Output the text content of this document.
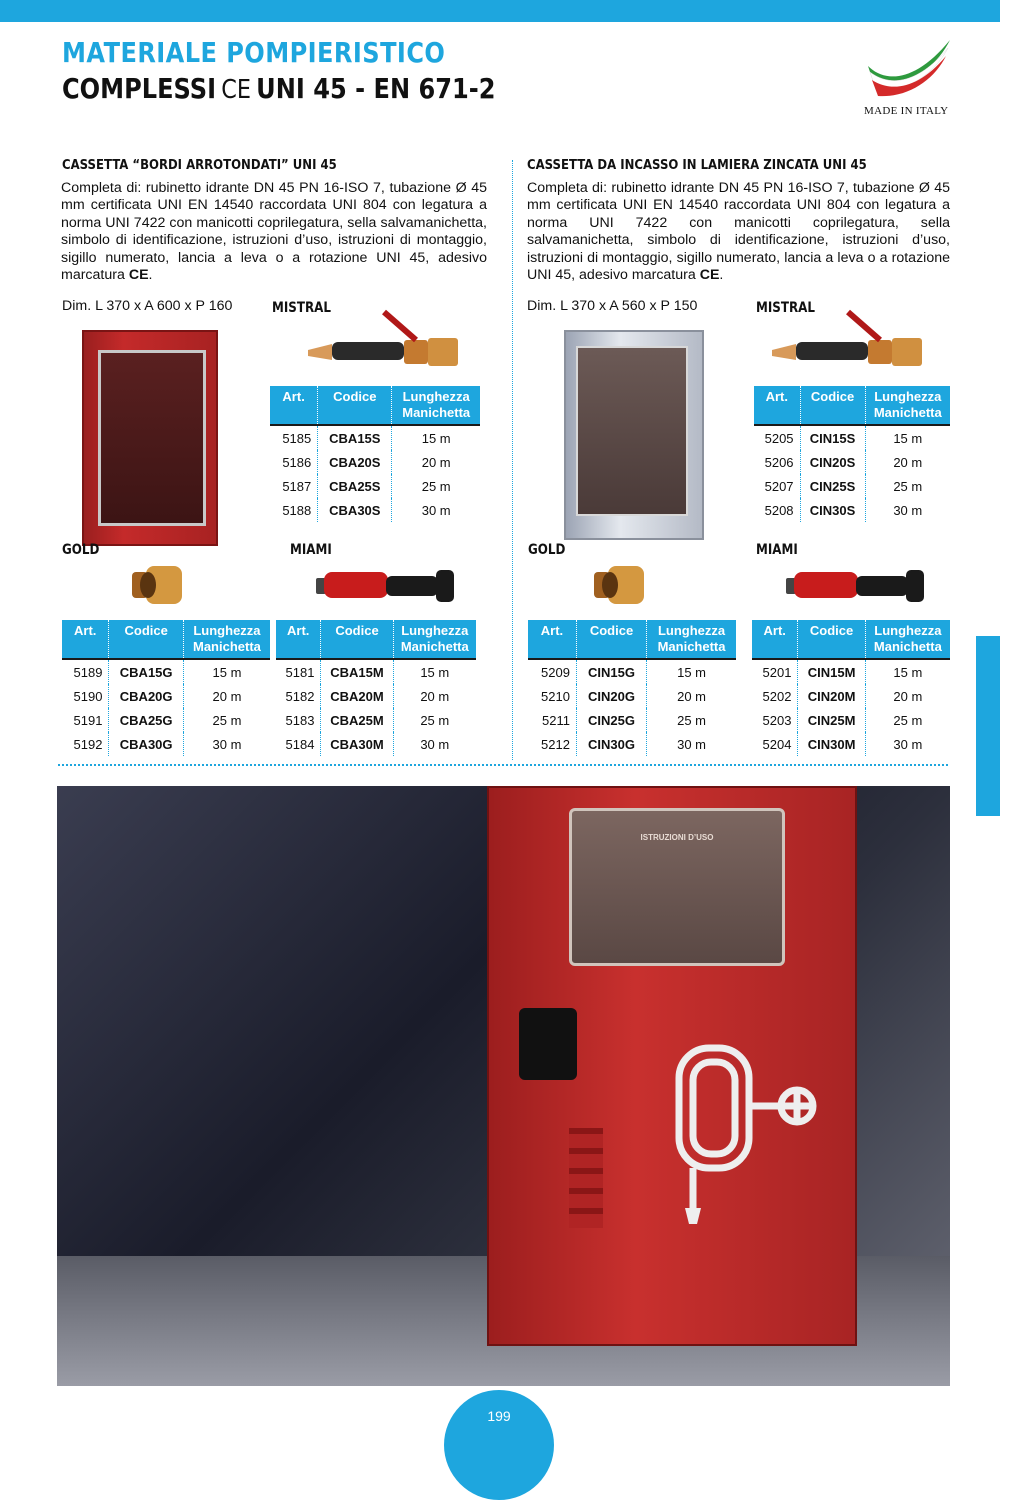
MATERIALE POMPIERISTICO
COMPLESSI CE UNI 45 - EN 671-2
MADE IN ITALY
CASSETTA “BORDI ARROTONDATI” UNI 45
Completa di: rubinetto idrante DN 45 PN 16-ISO 7, tubazione Ø 45 mm certificata UNI EN 14540 raccordata UNI 804 con legatura a norma UNI 7422 con manicotti coprilegatura, sella salvamanichetta, simbolo di identificazione, istruzioni d’uso, istruzioni di montaggio, sigillo numerato, lancia a leva o a rotazione UNI 45, adesivo marcatura CE.
Dim. L 370 x A 600 x P 160	MISTRAL
Art.	Codice	Lunghezza
Manichetta
5185	CBA15S	15 m
5186	CBA20S	20 m
5187	CBA25S	25 m
5188	CBA30S	30 m
GOLD
Art.	Codice	Lunghezza
Manichetta
5189	CBA15G	15 m
5190	CBA20G	20 m
5191	CBA25G	25 m
5192	CBA30G	30 m
MIAMI
Art.	Codice	Lunghezza
Manichetta
5181	CBA15M	15 m
5182	CBA20M	20 m
5183	CBA25M	25 m
5184	CBA30M	30 m
CASSETTA DA INCASSO IN LAMIERA ZINCATA UNI 45
Completa di: rubinetto idrante DN 45 PN 16-ISO 7, tubazione Ø 45 mm certificata UNI EN 14540 raccordata UNI 804 con legatura a norma UNI 7422 con manicotti coprilegatura, sella salvamanichetta, simbolo di identificazione, istruzioni d’uso, istruzioni di montaggio, sigillo numerato, lancia a leva o a rotazione UNI 45, adesivo marcatura CE.
Dim. L 370 x A 560 x P 150	MISTRAL
Art.	Codice	Lunghezza
Manichetta
5205	CIN15S	15 m
5206	CIN20S	20 m
5207	CIN25S	25 m
5208	CIN30S	30 m
GOLD
Art.	Codice	Lunghezza
Manichetta
5209	CIN15G	15 m
5210	CIN20G	20 m
5211	CIN25G	25 m
5212	CIN30G	30 m
MIAMI
Art.	Codice	Lunghezza
Manichetta
5201	CIN15M	15 m
5202	CIN20M	20 m
5203	CIN25M	25 m
5204	CIN30M	30 m
ISTRUZIONI D’USO
199
